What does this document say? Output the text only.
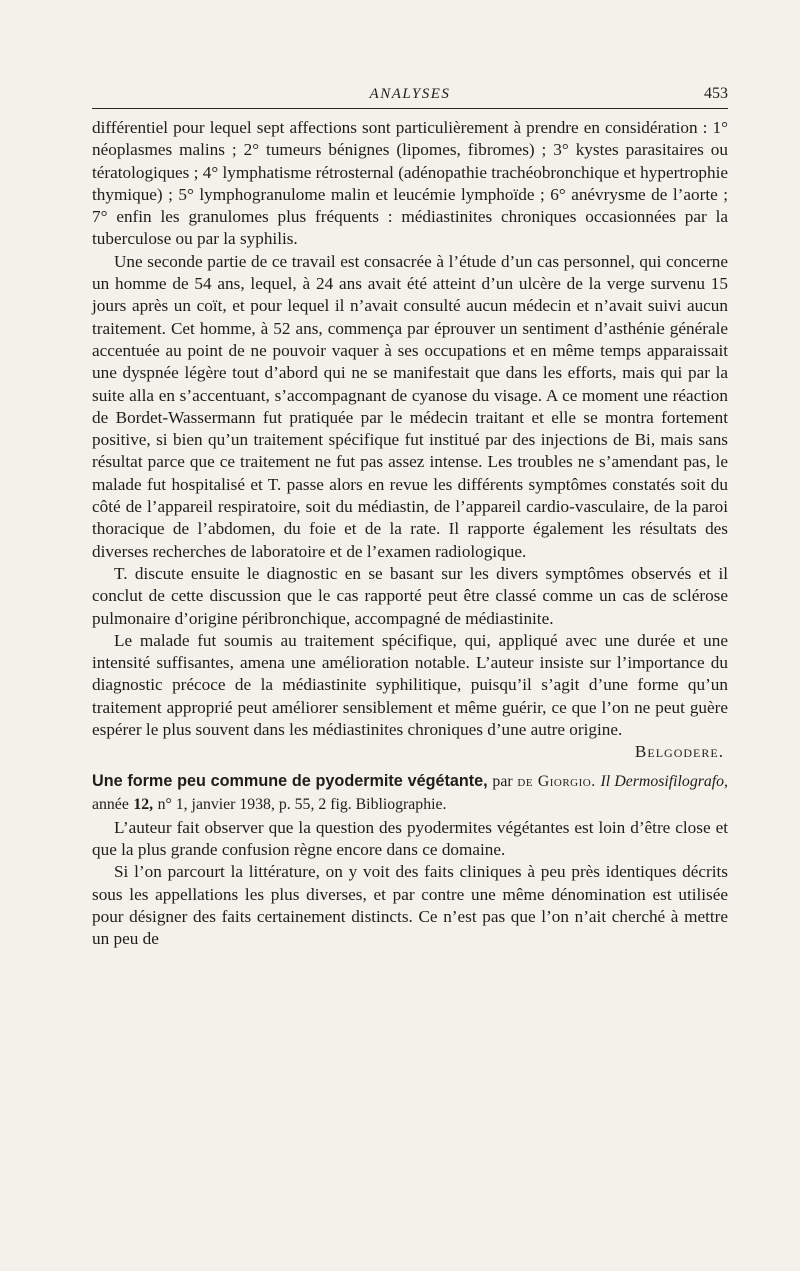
ANALYSES	453

différentiel pour lequel sept affections sont particulièrement à prendre en considération : 1° néoplasmes malins ; 2° tumeurs bénignes (lipomes, fibromes) ; 3° kystes parasitaires ou tératologiques ; 4° lymphatisme rétrosternal (adénopathie trachéobronchique et hypertrophie thymique) ; 5° lymphogranulome malin et leucémie lymphoïde ; 6° anévrysme de l’aorte ; 7° enfin les granulomes plus fréquents : médiastinites chroniques occasionnées par la tuberculose ou par la syphilis.

Une seconde partie de ce travail est consacrée à l’étude d’un cas personnel, qui concerne un homme de 54 ans, lequel, à 24 ans avait été atteint d’un ulcère de la verge survenu 15 jours après un coït, et pour lequel il n’avait consulté aucun médecin et n’avait suivi aucun traitement. Cet homme, à 52 ans, commença par éprouver un sentiment d’asthénie générale accentuée au point de ne pouvoir vaquer à ses occupations et en même temps apparaissait une dyspnée légère tout d’abord qui ne se manifestait que dans les efforts, mais qui par la suite alla en s’accentuant, s’accompagnant de cyanose du visage. A ce moment une réaction de Bordet-Wassermann fut pratiquée par le médecin traitant et elle se montra fortement positive, si bien qu’un traitement spécifique fut institué par des injections de Bi, mais sans résultat parce que ce traitement ne fut pas assez intense. Les troubles ne s’amendant pas, le malade fut hospitalisé et T. passe alors en revue les différents symptômes constatés soit du côté de l’appareil respiratoire, soit du médiastin, de l’appareil cardio-vasculaire, de la paroi thoracique de l’abdomen, du foie et de la rate. Il rapporte également les résultats des diverses recherches de laboratoire et de l’examen radiologique.

T. discute ensuite le diagnostic en se basant sur les divers symptômes observés et il conclut de cette discussion que le cas rapporté peut être classé comme un cas de sclérose pulmonaire d’origine péribronchique, accompagné de médiastinite.

Le malade fut soumis au traitement spécifique, qui, appliqué avec une durée et une intensité suffisantes, amena une amélioration notable. L’auteur insiste sur l’importance du diagnostic précoce de la médiastinite syphilitique, puisqu’il s’agit d’une forme qu’un traitement approprié peut améliorer sensiblement et même guérir, ce que l’on ne peut guère espérer le plus souvent dans les médiastinites chroniques d’une autre origine.
Belgodere.

Une forme peu commune de pyodermite végétante, par de Giorgio. Il Dermosifilografo, année 12, n° 1, janvier 1938, p. 55, 2 fig. Bibliographie.

L’auteur fait observer que la question des pyodermites végétantes est loin d’être close et que la plus grande confusion règne encore dans ce domaine.

Si l’on parcourt la littérature, on y voit des faits cliniques à peu près identiques décrits sous les appellations les plus diverses, et par contre une même dénomination est utilisée pour désigner des faits certainement distincts. Ce n’est pas que l’on n’ait cherché à mettre un peu de
